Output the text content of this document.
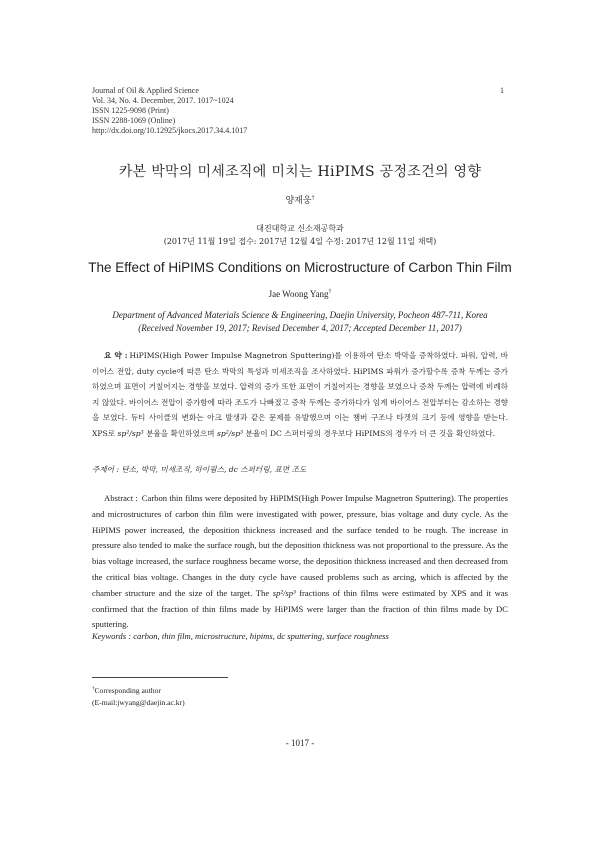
Journal of Oil & Applied Science
Vol. 34, No. 4. December, 2017. 1017~1024
ISSN 1225-9098 (Print)
ISSN 2288-1069 (Online)
http://dx.doi.org/10.12925/jkocs.2017.34.4.1017
1
카본 박막의 미세조직에 미치는 HiPIMS 공정조건의 영향
양재웅†
대진대학교 신소재공학과
(2017년 11월 19일 접수: 2017년 12월 4일 수정: 2017년 12월 11일 채택)
The Effect of HiPIMS Conditions on Microstructure of Carbon Thin Film
Jae Woong Yang†
Department of Advanced Materials Science & Engineering, Daejin University, Pocheon 487-711, Korea
(Received November 19, 2017; Revised December 4, 2017; Accepted December 11, 2017)
요 약 : HiPIMS(High Power Impulse Magnetron Sputtering)를 이용하여 탄소 박막을 증착하였다. 파워, 압력, 바이어스 전압, duty cycle에 따른 탄소 박막의 특성과 미세조직을 조사하였다. HiPIMS 파워가 증가할수록 증착 두께는 증가하였으며 표면이 거칠어지는 경향을 보였다. 압력의 증가 또한 표면이 거칠어지는 경향을 보였으나 증착 두께는 압력에 비례하지 않았다. 바이어스 전압이 증가함에 따라 조도가 나빠졌고 증착 두께는 증가하다가 임계 바이어스 전압부터는 감소하는 경향을 보였다. 듀티 사이클의 변화는 아크 발생과 같은 문제를 유발했으며 이는 챔버 구조나 타겟의 크기 등에 영향을 받는다. XPS로 sp²/sp³ 분율을 확인하였으며 sp²/sp³ 분율이 DC 스퍼터링의 경우보다 HiPIMS의 경우가 더 큰 것을 확인하였다.
주제어 : 탄소, 박막, 미세조직, 하이핌스, dc 스퍼터링, 표면 조도
Abstract : Carbon thin films were deposited by HiPIMS(High Power Impulse Magnetron Sputtering). The properties and microstructures of carbon thin film were investigated with power, pressure, bias voltage and duty cycle. As the HiPIMS power increased, the deposition thickness increased and the surface tended to be rough. The increase in pressure also tended to make the surface rough, but the deposition thickness was not proportional to the pressure. As the bias voltage increased, the surface roughness became worse, the deposition thickness increased and then decreased from the critical bias voltage. Changes in the duty cycle have caused problems such as arcing, which is affected by the chamber structure and the size of the target. The sp²/sp³ fractions of thin films were estimated by XPS and it was confirmed that the fraction of thin films made by HiPIMS were larger than the fraction of thin films made by DC sputtering.
Keywords : carbon, thin film, microstructure, hipims, dc sputtering, surface roughness
†Corresponding author
(E-mail:jwyang@daejin.ac.kr)
- 1017 -
